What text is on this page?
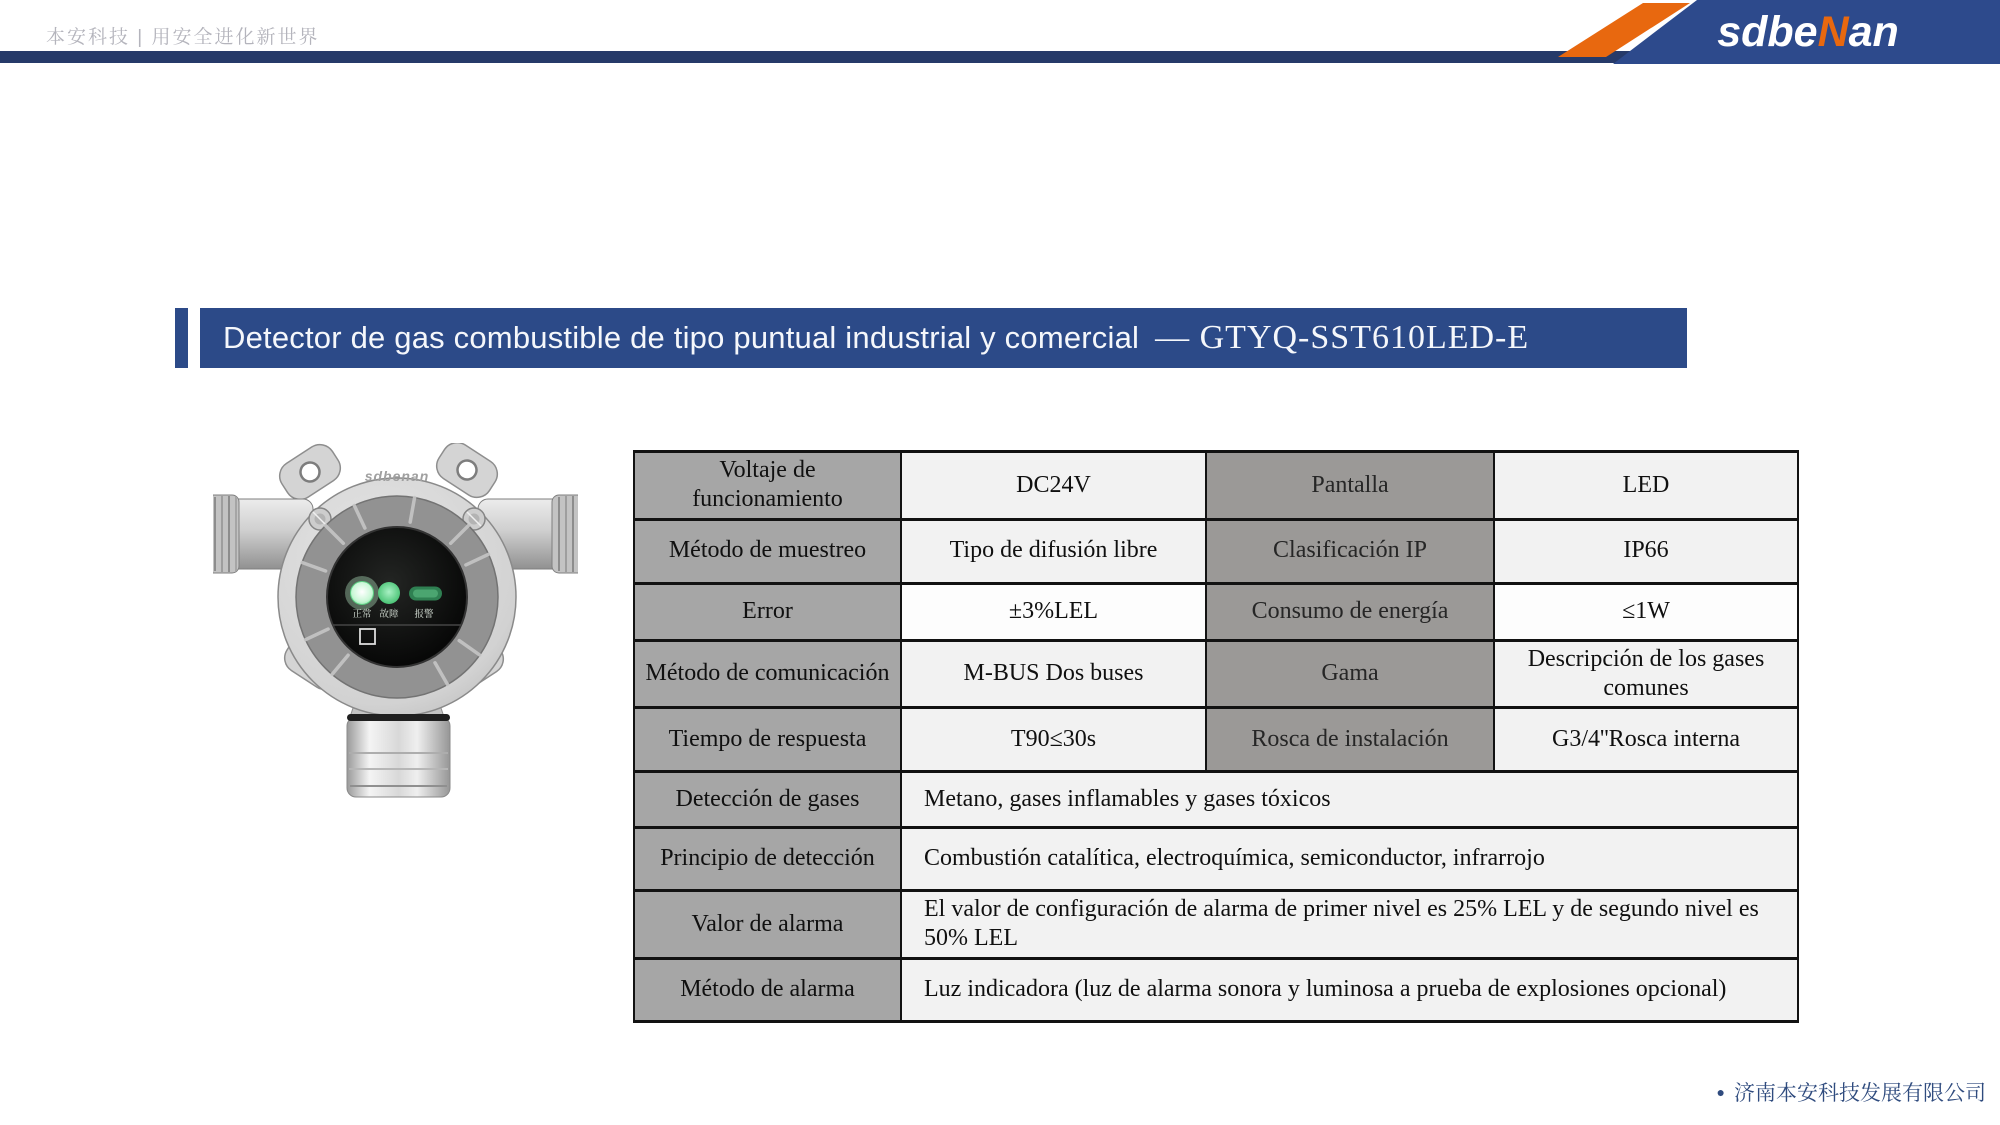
本安科技 | 用安全进化新世界	sdbeNan
Detector de gas combustible de tipo puntual industrial y comercial — GTYQ-SST610LED-E
sdbenan
正常 故障 报警
Voltaje de funcionamiento	DC24V	Pantalla	LED
Método de muestreo	Tipo de difusión libre	Clasificación IP	IP66
Error	±3%LEL	Consumo de energía	≤1W
Método de comunicación	M-BUS Dos buses	Gama	Descripción de los gases comunes
Tiempo de respuesta	T90≤30s	Rosca de instalación	G3/4''Rosca interna
Detección de gases	Metano, gases inflamables y gases tóxicos		
Principio de detección	Combustión catalítica, electroquímica, semiconductor, infrarrojo		
Valor de alarma	El valor de configuración de alarma de primer nivel es 25% LEL y de segundo nivel es 50% LEL		
Método de alarma	Luz indicadora (luz de alarma sonora y luminosa a prueba de explosiones opcional)		
● 济南本安科技发展有限公司
